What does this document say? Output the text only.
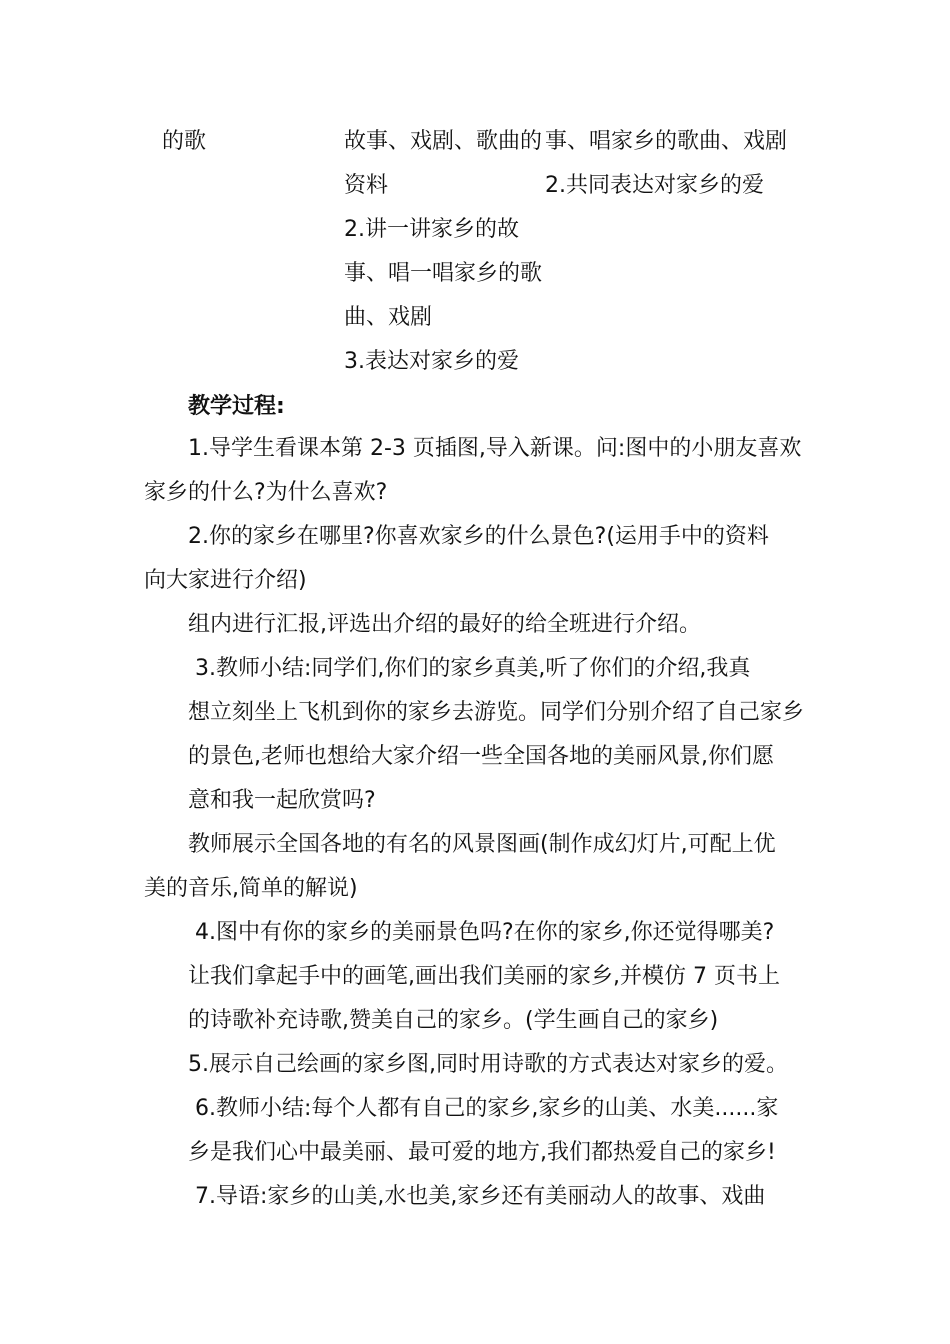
的歌	故事、戏剧、歌曲的
资料
2.讲一讲家乡的故
事、唱一唱家乡的歌
曲、戏剧
3.表达对家乡的爱
事、唱家乡的歌曲、戏剧
2.共同表达对家乡的爱
教学过程:
1.导学生看课本第 2-3 页插图,导入新课。问:图中的小朋友喜欢
家乡的什么?为什么喜欢?
2.你的家乡在哪里?你喜欢家乡的什么景色?(运用手中的资料
向大家进行介绍)
组内进行汇报,评选出介绍的最好的给全班进行介绍。
3.教师小结:同学们,你们的家乡真美,听了你们的介绍,我真
想立刻坐上飞机到你的家乡去游览。同学们分别介绍了自己家乡
的景色,老师也想给大家介绍一些全国各地的美丽风景,你们愿
意和我一起欣赏吗?
教师展示全国各地的有名的风景图画(制作成幻灯片,可配上优
美的音乐,简单的解说)
4.图中有你的家乡的美丽景色吗?在你的家乡,你还觉得哪美?
让我们拿起手中的画笔,画出我们美丽的家乡,并模仿 7 页书上
的诗歌补充诗歌,赞美自己的家乡。(学生画自己的家乡)
5.展示自己绘画的家乡图,同时用诗歌的方式表达对家乡的爱。
6.教师小结:每个人都有自己的家乡,家乡的山美、水美......家
乡是我们心中最美丽、最可爱的地方,我们都热爱自己的家乡!
7.导语:家乡的山美,水也美,家乡还有美丽动人的故事、戏曲
